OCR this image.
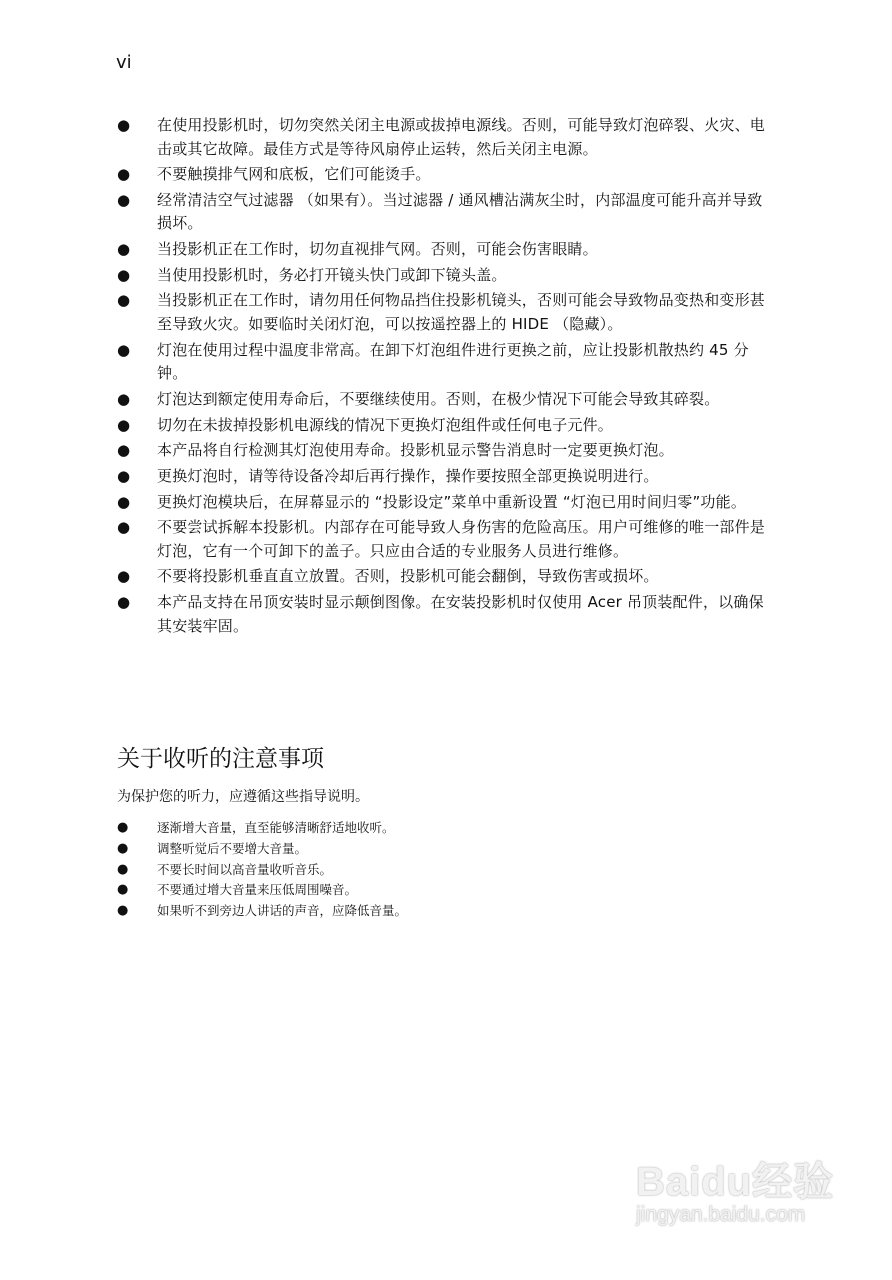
vi
● 在使用投影机时，切勿突然关闭主电源或拔掉电源线。否则，可能导致灯泡碎裂、火灾、电击或其它故障。最佳方式是等待风扇停止运转，然后关闭主电源。
● 不要触摸排气网和底板，它们可能烫手。
● 经常清洁空气过滤器 （如果有）。当过滤器 / 通风槽沾满灰尘时，内部温度可能升高并导致损坏。
● 当投影机正在工作时，切勿直视排气网。否则，可能会伤害眼睛。
● 当使用投影机时，务必打开镜头快门或卸下镜头盖。
● 当投影机正在工作时，请勿用任何物品挡住投影机镜头，否则可能会导致物品变热和变形甚至导致火灾。如要临时关闭灯泡，可以按遥控器上的 HIDE （隐藏）。
● 灯泡在使用过程中温度非常高。在卸下灯泡组件进行更换之前，应让投影机散热约 45 分钟。
● 灯泡达到额定使用寿命后，不要继续使用。否则，在极少情况下可能会导致其碎裂。
● 切勿在未拔掉投影机电源线的情况下更换灯泡组件或任何电子元件。
● 本产品将自行检测其灯泡使用寿命。投影机显示警告消息时一定要更换灯泡。
● 更换灯泡时，请等待设备冷却后再行操作，操作要按照全部更换说明进行。
● 更换灯泡模块后，在屏幕显示的 “投影设定”菜单中重新设置 “灯泡已用时间归零”功能。
● 不要尝试拆解本投影机。内部存在可能导致人身伤害的危险高压。用户可维修的唯一部件是灯泡，它有一个可卸下的盖子。只应由合适的专业服务人员进行维修。
● 不要将投影机垂直直立放置。否则，投影机可能会翻倒，导致伤害或损坏。
● 本产品支持在吊顶安装时显示颠倒图像。在安装投影机时仅使用 Acer 吊顶装配件，以确保其安装牢固。
关于收听的注意事项
为保护您的听力，应遵循这些指导说明。
● 逐渐增大音量，直至能够清晰舒适地收听。
● 调整听觉后不要增大音量。
● 不要长时间以高音量收听音乐。
● 不要通过增大音量来压低周围噪音。
● 如果听不到旁边人讲话的声音，应降低音量。
Baidu经验
jingyan.baidu.com
